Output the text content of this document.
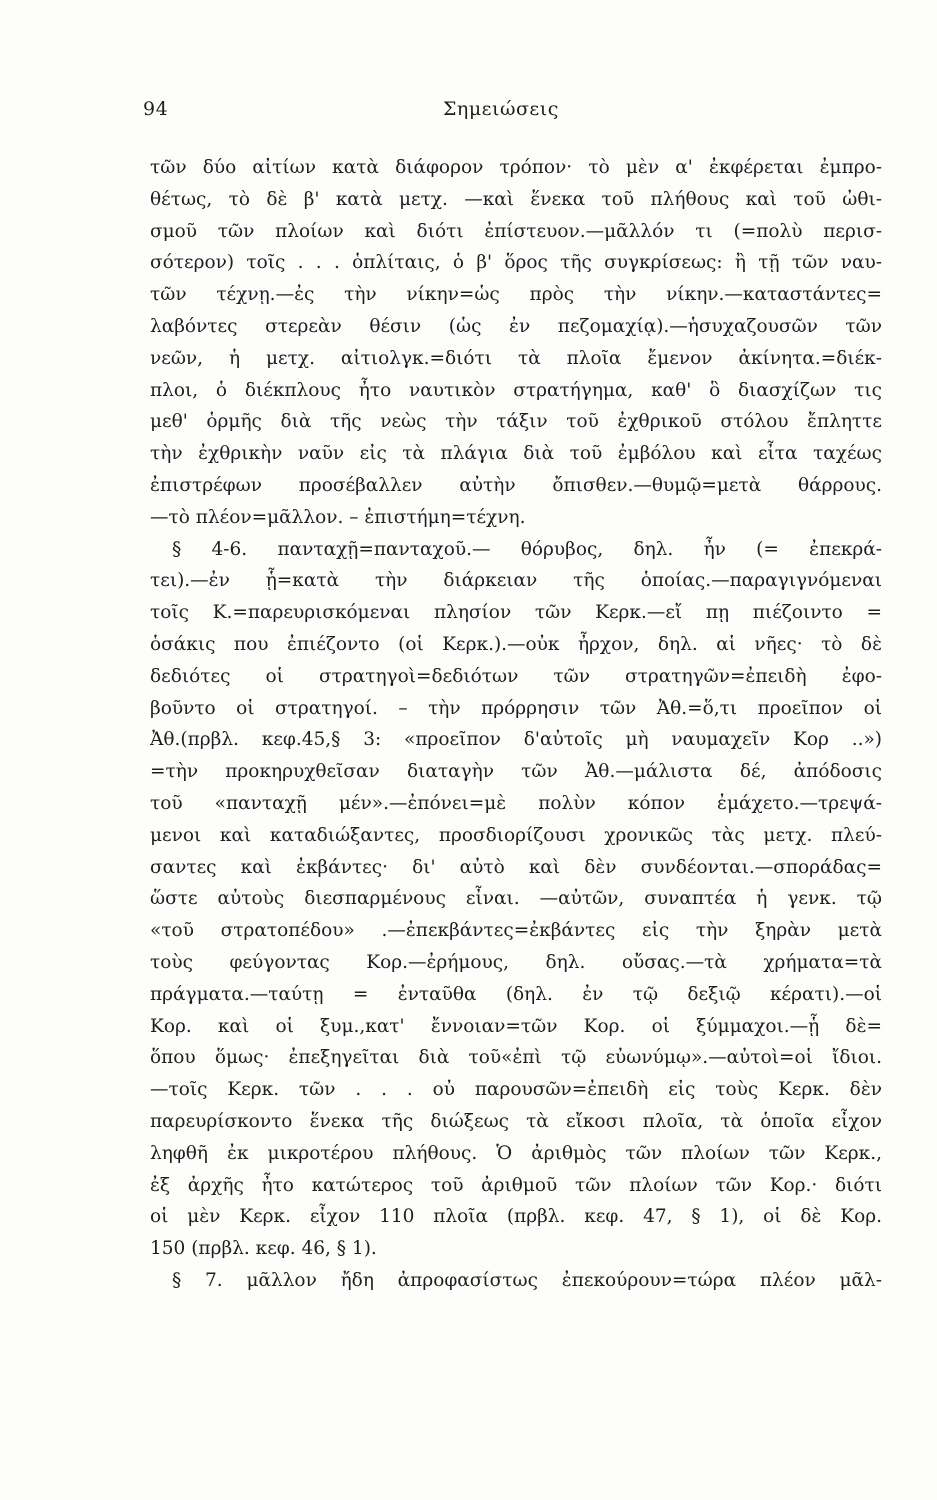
94	Σημειώσεις
τῶν δύο αἰτίων κατὰ διάφορον τρόπον· τὸ μὲν α' ἐκφέρεται ἐμπρο-
θέτως, τὸ δὲ β' κατὰ μετχ. —καὶ ἕνεκα τοῦ πλήθους καὶ τοῦ ὠθι-
σμοῦ τῶν πλοίων καὶ διότι ἐπίστευον.—μᾶλλόν τι (=πολὺ περισ-
σότερον) τοῖς . . . ὁπλίταις, ὁ β' ὅρος τῆς συγκρίσεως: ἢ τῇ τῶν ναυ-
τῶν τέχνῃ.—ἐς τὴν νίκην=ὡς πρὸς τὴν νίκην.—καταστάντες=
λαβόντες στερεὰν θέσιν (ὡς ἐν πεζομαχίᾳ).—ἡσυχαζουσῶν τῶν
νεῶν, ἡ μετχ. αἰτιολγκ.=διότι τὰ πλοῖα ἔμενον ἀκίνητα.=διέκ-
πλοι, ὁ διέκπλους ἦτο ναυτικὸν στρατήγημα, καθ' ὃ διασχίζων τις
μεθ' ὁρμῆς διὰ τῆς νεὼς τὴν τάξιν τοῦ ἐχθρικοῦ στόλου ἔπληττε
τὴν ἐχθρικὴν ναῦν εἰς τὰ πλάγια διὰ τοῦ ἐμβόλου καὶ εἶτα ταχέως
ἐπιστρέφων προσέβαλλεν αὐτὴν ὄπισθεν.—θυμῷ=μετὰ θάρρους.
—τὸ πλέον=μᾶλλον. – ἐπιστήμη=τέχνη.
§ 4-6. πανταχῇ=πανταχοῦ.— θόρυβος, δηλ. ἦν (= ἐπεκρά-
τει).—ἐν ᾗ=κατὰ τὴν διάρκειαν τῆς ὁποίας.—παραγιγνόμεναι
τοῖς Κ.=παρευρισκόμεναι πλησίον τῶν Κερκ.—εἴ πῃ πιέζοιντο =
ὁσάκις που ἐπιέζοντο (οἱ Κερκ.).—οὐκ ἦρχον, δηλ. αἱ νῆες· τὸ δὲ
δεδιότες οἱ στρατηγοὶ=δεδιότων τῶν στρατηγῶν=ἐπειδὴ ἐφο-
βοῦντο οἱ στρατηγοί. – τὴν πρόρρησιν τῶν Ἀθ.=ὅ,τι προεῖπον οἱ
Ἀθ.(πρβλ. κεφ.45,§ 3: «προεῖπον δ'αὐτοῖς μὴ ναυμαχεῖν Κορ ..»)
=τὴν προκηρυχθεῖσαν διαταγὴν τῶν Ἀθ.—μάλιστα δέ, ἀπόδοσις
τοῦ «πανταχῇ μέν».—ἐπόνει=μὲ πολὺν κόπον ἐμάχετο.—τρεψά-
μενοι καὶ καταδιώξαντες, προσδιορίζουσι χρονικῶς τὰς μετχ. πλεύ-
σαντες καὶ ἐκβάντες· δι' αὐτὸ καὶ δὲν συνδέονται.—σποράδας=
ὥστε αὐτοὺς διεσπαρμένους εἶναι. —αὐτῶν, συναπτέα ἡ γενκ. τῷ
«τοῦ στρατοπέδου» .—ἐπεκβάντες=ἐκβάντες εἰς τὴν ξηρὰν μετὰ
τοὺς φεύγοντας Κορ.—ἐρήμους, δηλ. οὔσας.—τὰ χρήματα=τὰ
πράγματα.—ταύτῃ = ἐνταῦθα (δηλ. ἐν τῷ δεξιῷ κέρατι).—οἱ
Κορ. καὶ οἱ ξυμ.,κατ' ἔννοιαν=τῶν Κορ. οἱ ξύμμαχοι.—ᾗ δὲ=
ὅπου ὅμως· ἐπεξηγεῖται διὰ τοῦ«ἐπὶ τῷ εὐωνύμῳ».—αὐτοὶ=οἱ ἴδιοι.
—τοῖς Κερκ. τῶν . . . οὐ παρουσῶν=ἐπειδὴ εἰς τοὺς Κερκ. δὲν
παρευρίσκοντο ἕνεκα τῆς διώξεως τὰ εἴκοσι πλοῖα, τὰ ὁποῖα εἶχον
ληφθῆ ἐκ μικροτέρου πλήθους. Ὁ ἀριθμὸς τῶν πλοίων τῶν Κερκ.,
ἐξ ἀρχῆς ἦτο κατώτερος τοῦ ἀριθμοῦ τῶν πλοίων τῶν Κορ.· διότι
οἱ μὲν Κερκ. εἶχον 110 πλοῖα (πρβλ. κεφ. 47, § 1), οἱ δὲ Κορ.
150 (πρβλ. κεφ. 46, § 1).
§ 7. μᾶλλον ἤδη ἀπροφασίστως ἐπεκούρουν=τώρα πλέον μᾶλ-
